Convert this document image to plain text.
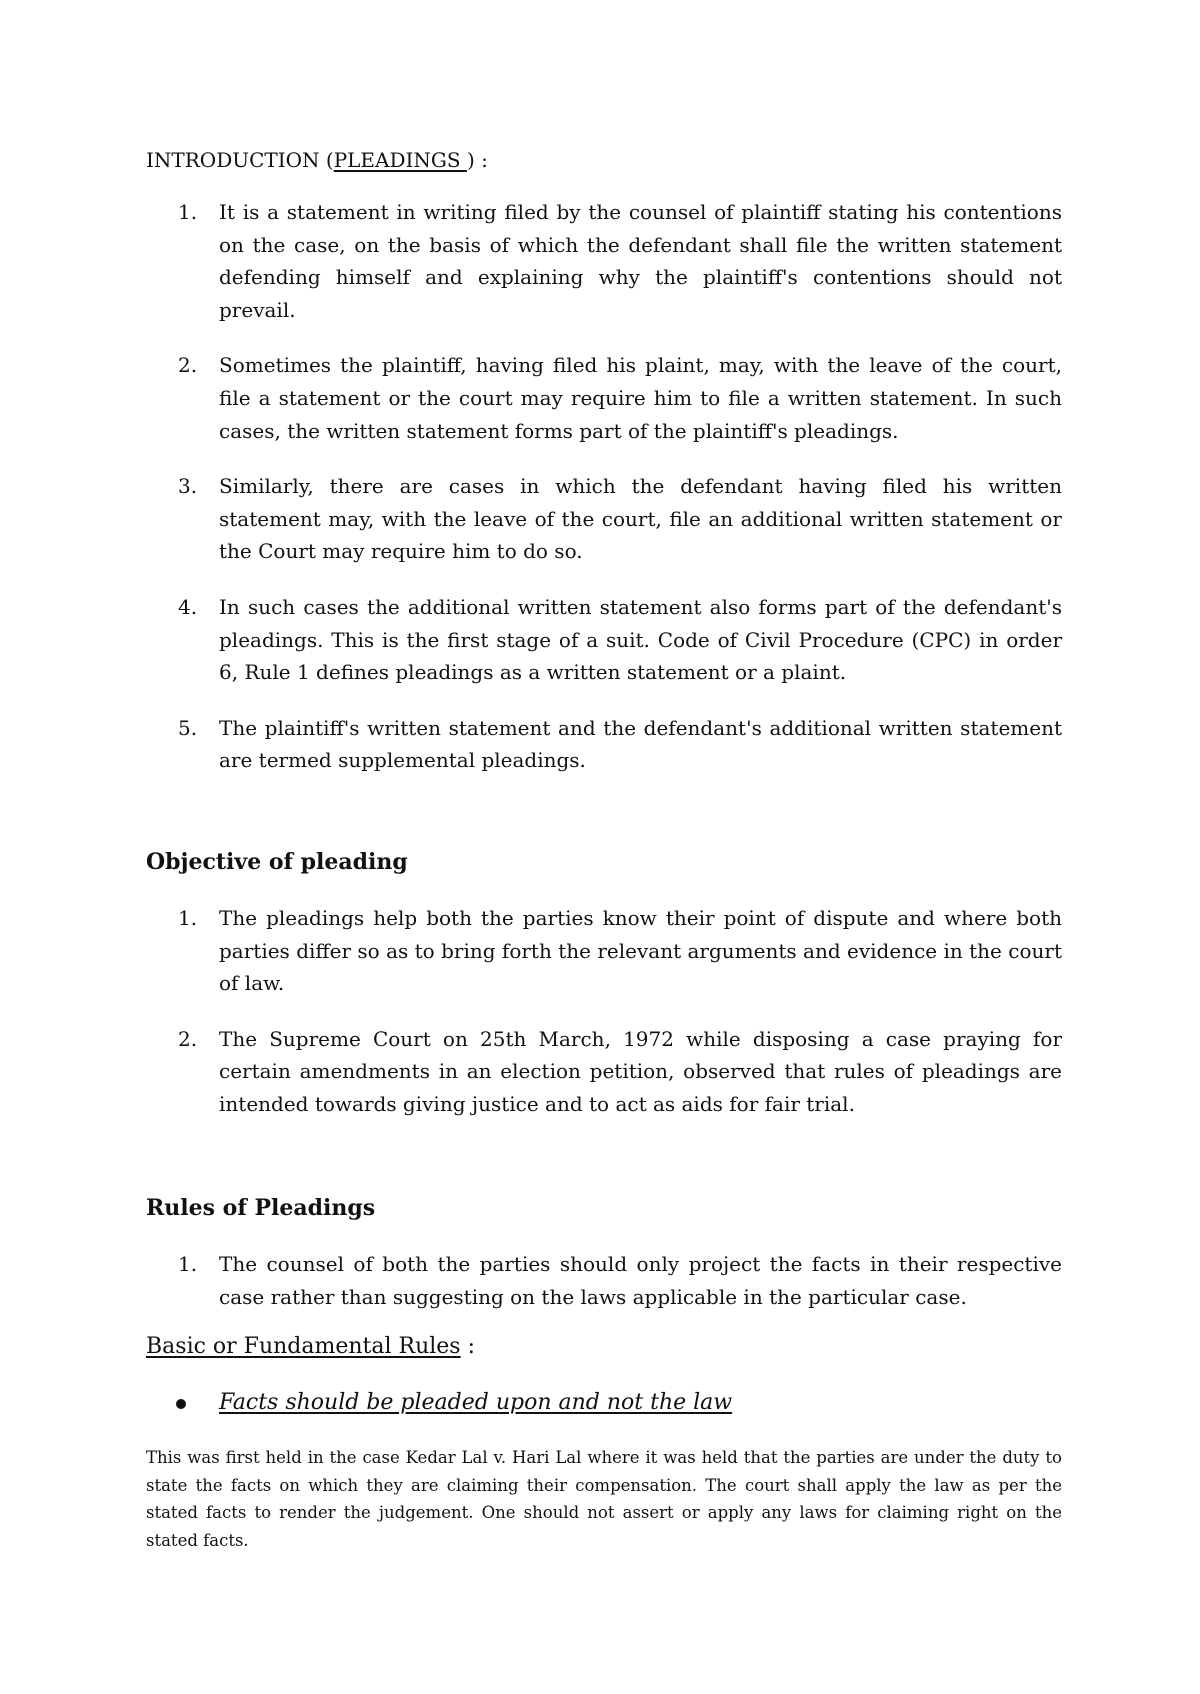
INTRODUCTION (PLEADINGS ) :
1. It is a statement in writing filed by the counsel of plaintiff stating his contentions on the case, on the basis of which the defendant shall file the written statement defending himself and explaining why the plaintiff's contentions should not prevail.
2. Sometimes the plaintiff, having filed his plaint, may, with the leave of the court, file a statement or the court may require him to file a written statement. In such cases, the written statement forms part of the plaintiff's pleadings.
3. Similarly, there are cases in which the defendant having filed his written statement may, with the leave of the court, file an additional written statement or the Court may require him to do so.
4. In such cases the additional written statement also forms part of the defendant's pleadings. This is the first stage of a suit. Code of Civil Procedure (CPC) in order 6, Rule 1 defines pleadings as a written statement or a plaint.
5. The plaintiff's written statement and the defendant's additional written statement are termed supplemental pleadings.
Objective of pleading
1. The pleadings help both the parties know their point of dispute and where both parties differ so as to bring forth the relevant arguments and evidence in the court of law.
2. The Supreme Court on 25th March, 1972 while disposing a case praying for certain amendments in an election petition, observed that rules of pleadings are intended towards giving justice and to act as aids for fair trial.
Rules of Pleadings
1. The counsel of both the parties should only project the facts in their respective case rather than suggesting on the laws applicable in the particular case.
Basic or Fundamental Rules :
Facts should be pleaded upon and not the law

This was first held in the case Kedar Lal v. Hari Lal where it was held that the parties are under the duty to state the facts on which they are claiming their compensation. The court shall apply the law as per the stated facts to render the judgement. One should not assert or apply any laws for claiming right on the stated facts.
